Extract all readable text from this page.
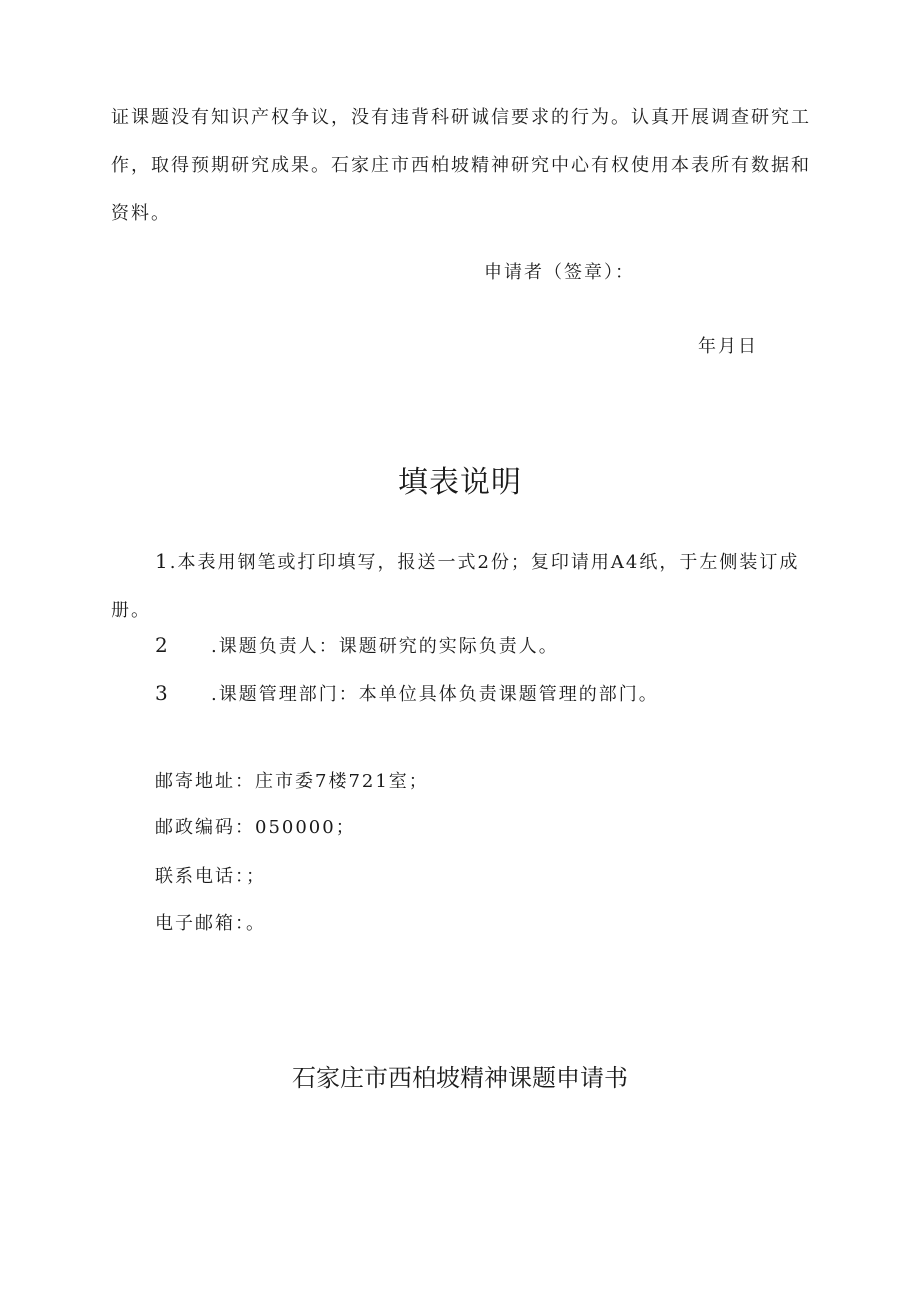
证课题没有知识产权争议，没有违背科研诚信要求的行为。认真开展调查研究工作，取得预期研究成果。石家庄市西柏坡精神研究中心有权使用本表所有数据和资料。

申请者（签章）：

年月日

填表说明

1.本表用钢笔或打印填写，报送一式2份；复印请用A4纸，于左侧装订成册。

2 .课题负责人：课题研究的实际负责人。

3 .课题管理部门：本单位具体负责课题管理的部门。

邮寄地址：庄市委7楼721室；

邮政编码：050000；

联系电话：；

电子邮箱：。

石家庄市西柏坡精神课题申请书
